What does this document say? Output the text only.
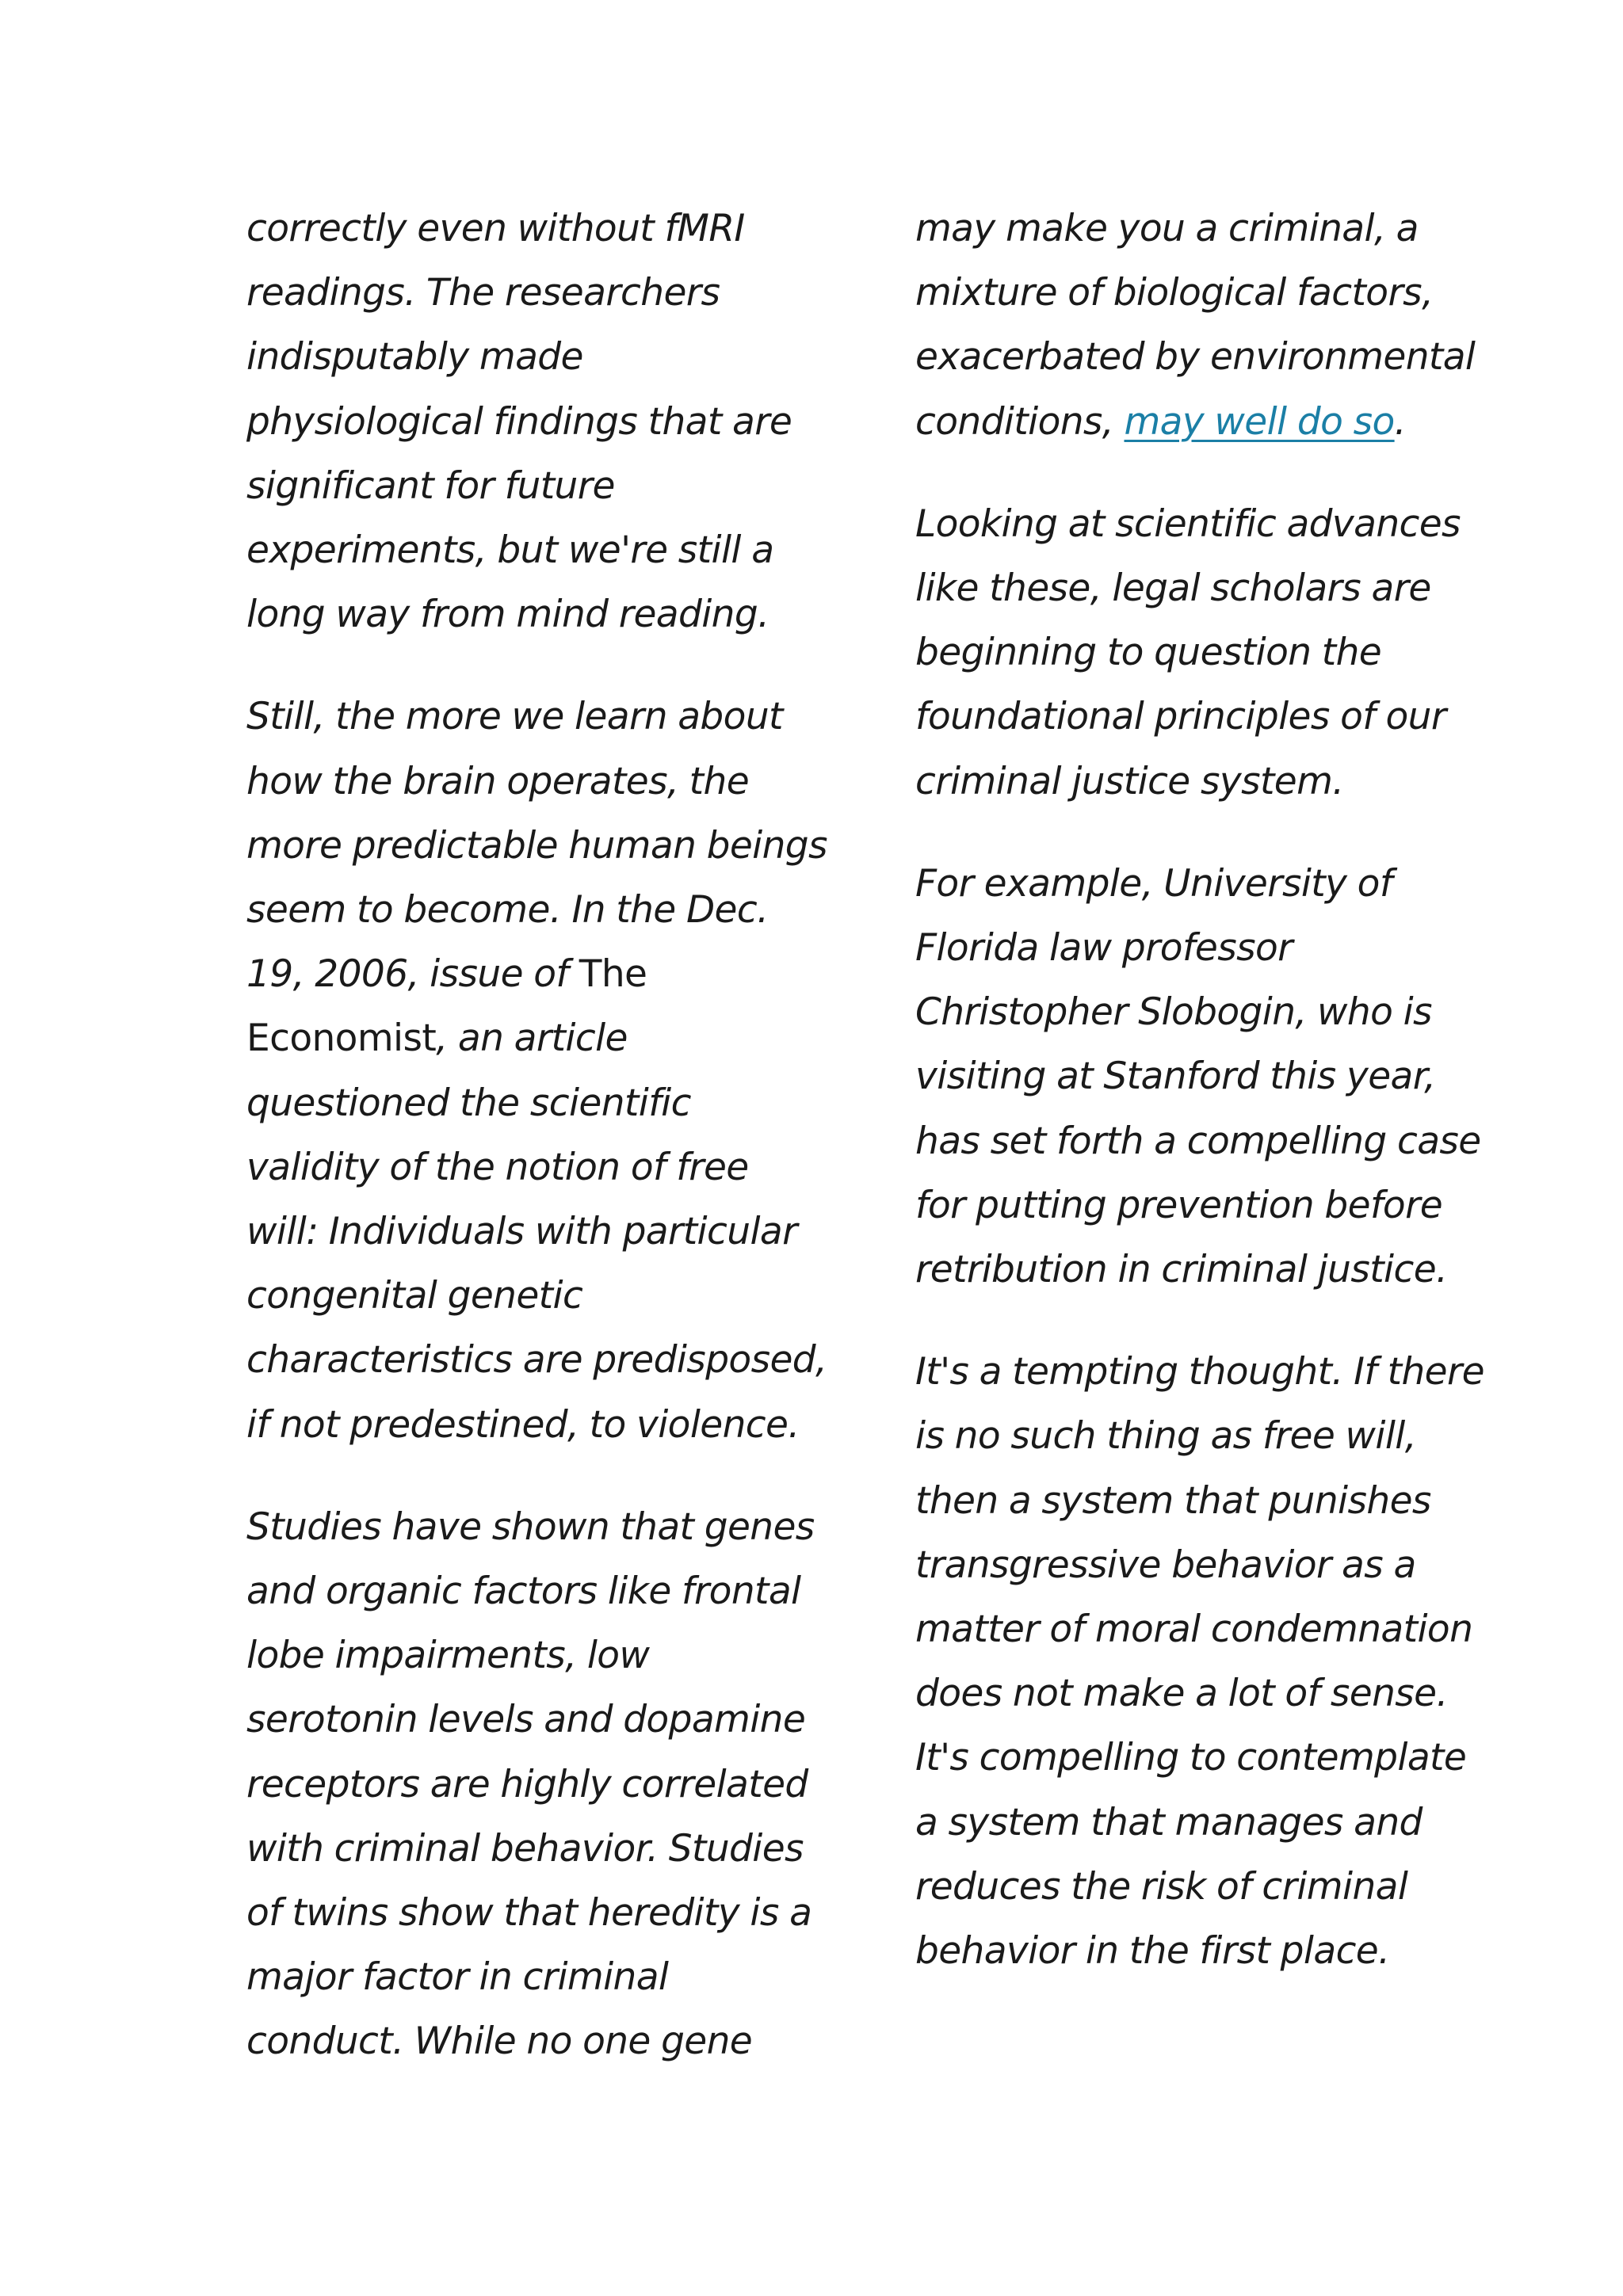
correctly even without fMRI
readings. The researchers
indisputably made
physiological findings that are
significant for future
experiments, but we're still a
long way from mind reading.

Still, the more we learn about
how the brain operates, the
more predictable human beings
seem to become. In the Dec.
19, 2006, issue of The
Economist, an article
questioned the scientific
validity of the notion of free
will: Individuals with particular
congenital genetic
characteristics are predisposed,
if not predestined, to violence.

Studies have shown that genes
and organic factors like frontal
lobe impairments, low
serotonin levels and dopamine
receptors are highly correlated
with criminal behavior. Studies
of twins show that heredity is a
major factor in criminal
conduct. While no one gene

may make you a criminal, a
mixture of biological factors,
exacerbated by environmental
conditions, may well do so.

Looking at scientific advances
like these, legal scholars are
beginning to question the
foundational principles of our
criminal justice system.

For example, University of
Florida law professor
Christopher Slobogin, who is
visiting at Stanford this year,
has set forth a compelling case
for putting prevention before
retribution in criminal justice.

It's a tempting thought. If there
is no such thing as free will,
then a system that punishes
transgressive behavior as a
matter of moral condemnation
does not make a lot of sense.
It's compelling to contemplate
a system that manages and
reduces the risk of criminal
behavior in the first place.
